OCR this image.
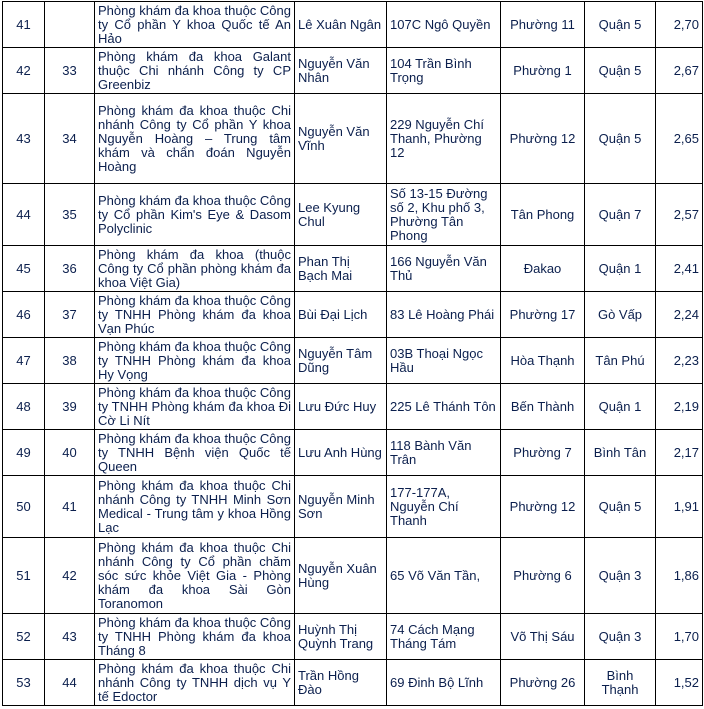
41		Phòng khám đa khoa thuộc Công ty Cổ phần Y khoa Quốc tế An Hảo	Lê Xuân Ngân	107C Ngô Quyền	Phường 11	Quận 5	2,70
42	33	Phòng khám đa khoa Galant thuộc Chi nhánh Công ty CP Greenbiz	Nguyễn Văn Nhân	104 Trần Bình Trọng	Phường 1	Quận 5	2,67
43	34	Phòng khám đa khoa thuộc Chi nhánh Công ty Cổ phần Y khoa Nguyễn Hoàng – Trung tâm khám và chẩn đoán Nguyễn Hoàng	Nguyễn Văn Vĩnh	229 Nguyễn Chí Thanh, Phường 12	Phường 12	Quận 5	2,65
44	35	Phòng khám đa khoa thuộc Công ty Cổ phần Kim's Eye & Dasom Polyclinic	Lee Kyung Chul	Số 13-15 Đường số 2, Khu phố 3, Phường Tân Phong	Tân Phong	Quận 7	2,57
45	36	Phòng khám đa khoa (thuộc Công ty Cổ phần phòng khám đa khoa Việt Gia)	Phan Thị Bạch Mai	166 Nguyễn Văn Thủ	Đakao	Quận 1	2,41
46	37	Phòng khám đa khoa thuộc Công ty TNHH Phòng khám đa khoa Vạn Phúc	Bùi Đại Lịch	83 Lê Hoàng Phái	Phường 17	Gò Vấp	2,24
47	38	Phòng khám đa khoa thuộc Công ty TNHH Phòng khám đa khoa Hy Vọng	Nguyễn Tâm Dũng	03B Thoại Ngọc Hầu	Hòa Thạnh	Tân Phú	2,23
48	39	Phòng khám đa khoa thuộc Công ty TNHH Phòng khám đa khoa Đi Cờ Li Nít	Lưu Đức Huy	225 Lê Thánh Tôn	Bến Thành	Quận 1	2,19
49	40	Phòng khám đa khoa thuộc Công ty TNHH Bệnh viện Quốc tế Queen	Lưu Anh Hùng	118 Bành Văn Trân	Phường 7	Bình Tân	2,17
50	41	Phòng khám đa khoa thuộc Chi nhánh Công ty TNHH Minh Sơn Medical - Trung tâm y khoa Hồng Lạc	Nguyễn Minh Sơn	177-177A, Nguyễn Chí Thanh	Phường 12	Quận 5	1,91
51	42	Phòng khám đa khoa thuộc Chi nhánh Công ty Cổ phần chăm sóc sức khỏe Việt Gia - Phòng khám đa khoa Sài Gòn Toranomon	Nguyễn Xuân Hùng	65 Võ Văn Tần,	Phường 6	Quận 3	1,86
52	43	Phòng khám đa khoa thuộc Công ty TNHH Phòng khám đa khoa Tháng 8	Huỳnh Thị Quỳnh Trang	74 Cách Mạng Tháng Tám	Võ Thị Sáu	Quận 3	1,70
53	44	Phòng khám đa khoa thuộc Chi nhánh Công ty TNHH dịch vụ Y tế Edoctor	Trần Hồng Đào	69 Đinh Bộ Lĩnh	Phường 26	Bình Thạnh	1,52
